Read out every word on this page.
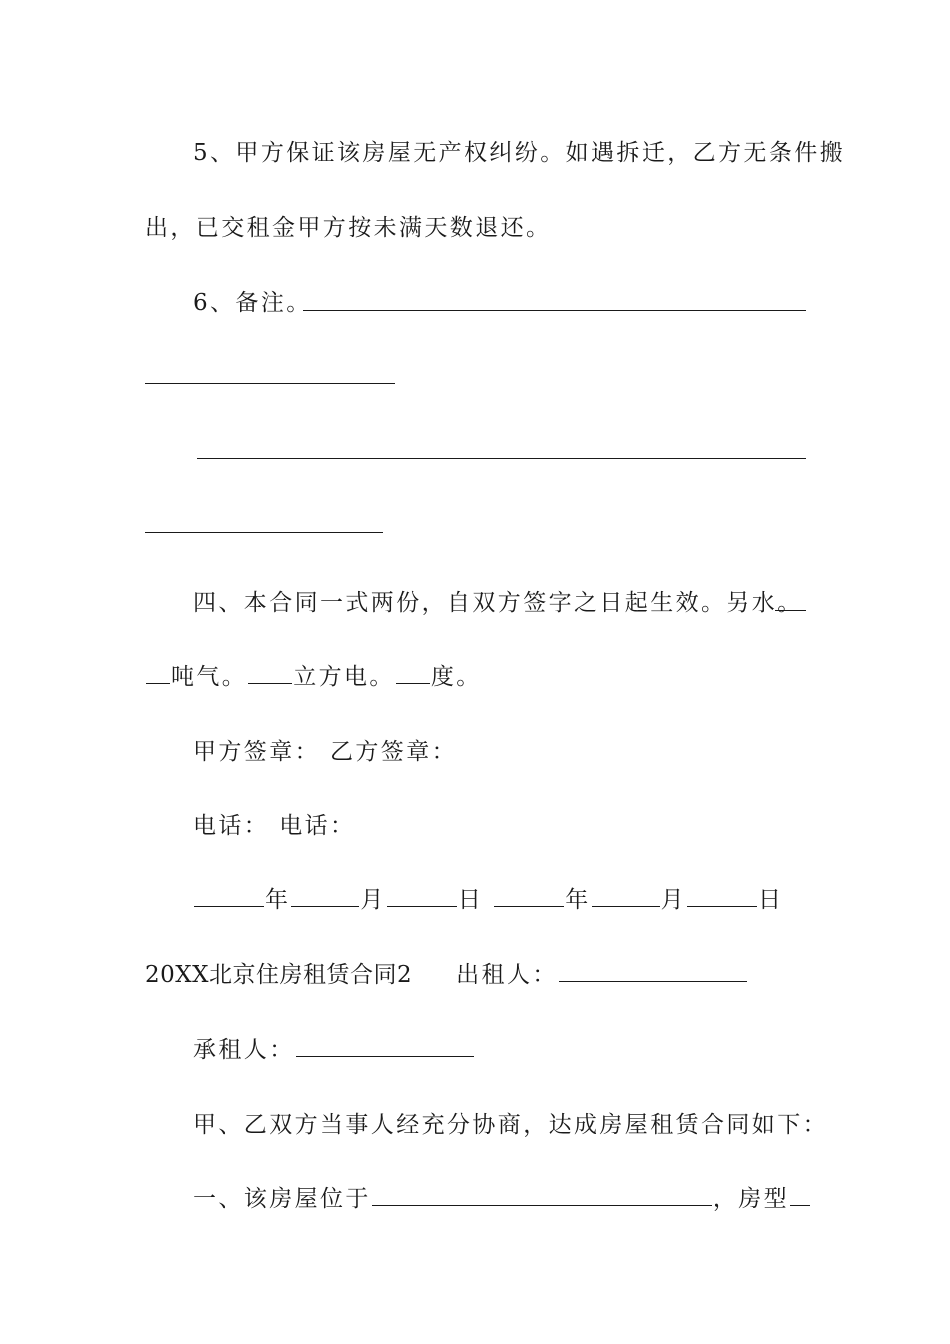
5、甲方保证该房屋无产权纠纷。如遇拆迁，乙方无条件搬
出，已交租金甲方按未满天数退还。
6、备注。
四、本合同一式两份，自双方签字之日起生效。另水。
吨气。 立方电。 度。
甲方签章： 乙方签章：
电话： 电话：
年	月	日	年	月	日
20XX北京住房租赁合同2 出租人：
承租人：
甲、乙双方当事人经充分协商，达成房屋租赁合同如下：
一、该房屋位于	，房型
